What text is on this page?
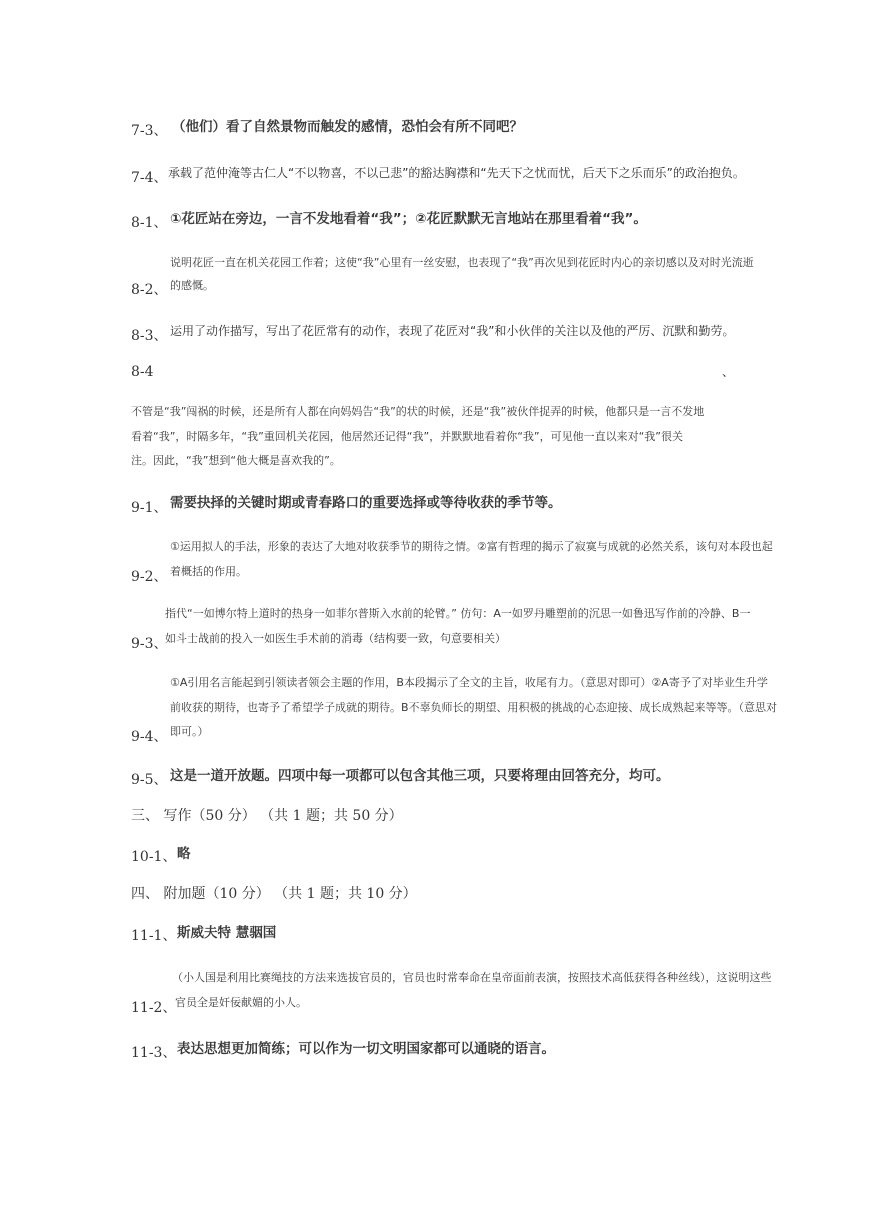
7-3、 （他们）看了自然景物而触发的感情，恐怕会有所不同吧？
7-4、 承载了范仲淹等古仁人“不以物喜，不以己悲”的豁达胸襟和“先天下之忧而忧，后天下之乐而乐”的政治抱负。
8-1、 ①花匠站在旁边，一言不发地看着“我”；②花匠默默无言地站在那里看着“我”。
说明花匠一直在机关花园工作着；这使“我”心里有一丝安慰，也表现了“我”再次见到花匠时内心的亲切感以及对时光流逝
8-2、 的感慨。
8-3、 运用了动作描写，写出了花匠常有的动作，表现了花匠对“我”和小伙伴的关注以及他的严厉、沉默和勤劳。
8-4	、
不管是“我”闯祸的时候，还是所有人都在向妈妈告“我”的状的时候，还是“我”被伙伴捉弄的时候，他都只是一言不发地
看着“我”，时隔多年，“我”重回机关花园，他居然还记得“我”，并默默地看着你“我”，可见他一直以来对“我”很关
注。因此，“我”想到“他大概是喜欢我的”。
9-1、 需要抉择的关键时期或青春路口的重要选择或等待收获的季节等。
①运用拟人的手法，形象的表达了大地对收获季节的期待之情。②富有哲理的揭示了寂寞与成就的必然关系，该句对本段也起
9-2、 着概括的作用。
指代“一如博尔特上道时的热身一如菲尔普斯入水前的轮臂。” 仿句：A一如罗丹雕塑前的沉思一如鲁迅写作前的冷静、B一
9-3、
如斗士战前的投入一如医生手术前的消毒（结构要一致，句意要相关）
①A引用名言能起到引领读者领会主题的作用，B本段揭示了全文的主旨，收尾有力。（意思对即可）②A寄予了对毕业生升学
前收获的期待，也寄予了希望学子成就的期待。B不辜负师长的期望、用积极的挑战的心态迎接、成长成熟起来等等。（意思对
9-4、 即可。）
9-5、 这是一道开放题。四项中每一项都可以包含其他三项，只要将理由回答充分，均可。
三、 写作（50 分） （共 1 题；共 50 分）
10-1、 略
四、 附加题（10 分） （共 1 题；共 10 分）
11-1、 斯威夫特 慧骃国
（小人国是利用比赛绳技的方法来选拔官员的，官员也时常奉命在皇帝面前表演，按照技术高低获得各种丝线），这说明这些
11-2、
官员全是奸佞献媚的小人。
11-3、 表达思想更加简练；可以作为一切文明国家都可以通晓的语言。
